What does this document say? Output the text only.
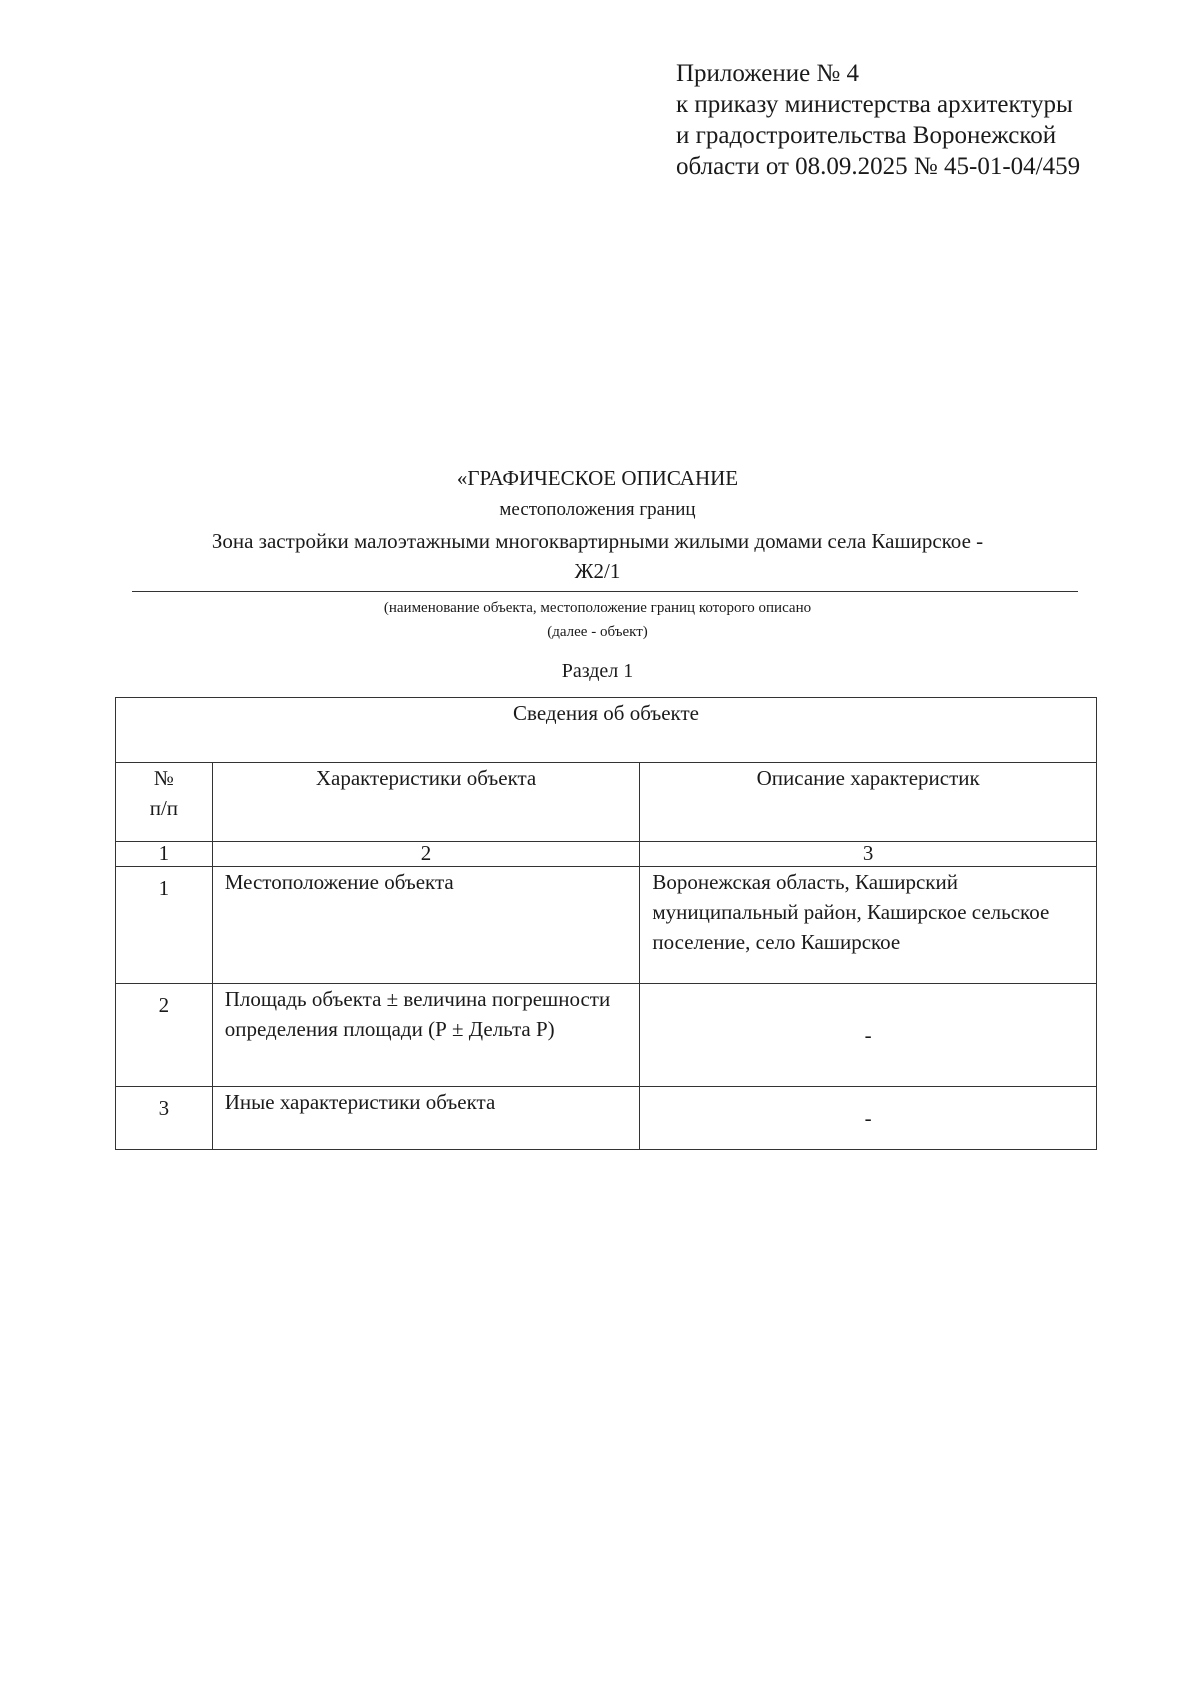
Приложение № 4
к приказу министерства архитектуры
и градостроительства Воронежской
области от 08.09.2025 № 45-01-04/459
«ГРАФИЧЕСКОЕ ОПИСАНИЕ
местоположения границ
Зона застройки малоэтажными многоквартирными жилыми домами села Каширское -
Ж2/1
(наименование объекта, местоположение границ которого описано
(далее - объект)
Раздел 1
Сведения об объекте		
№ п/п	Характеристики объекта	Описание характеристик
1	2	3
1	Местоположение объекта	Воронежская область, Каширский муниципальный район, Каширское сельское поселение, село Каширское
2	Площадь объекта ± величина погрешности определения площади (Р ± Дельта Р)	-
3	Иные характеристики объекта	-
